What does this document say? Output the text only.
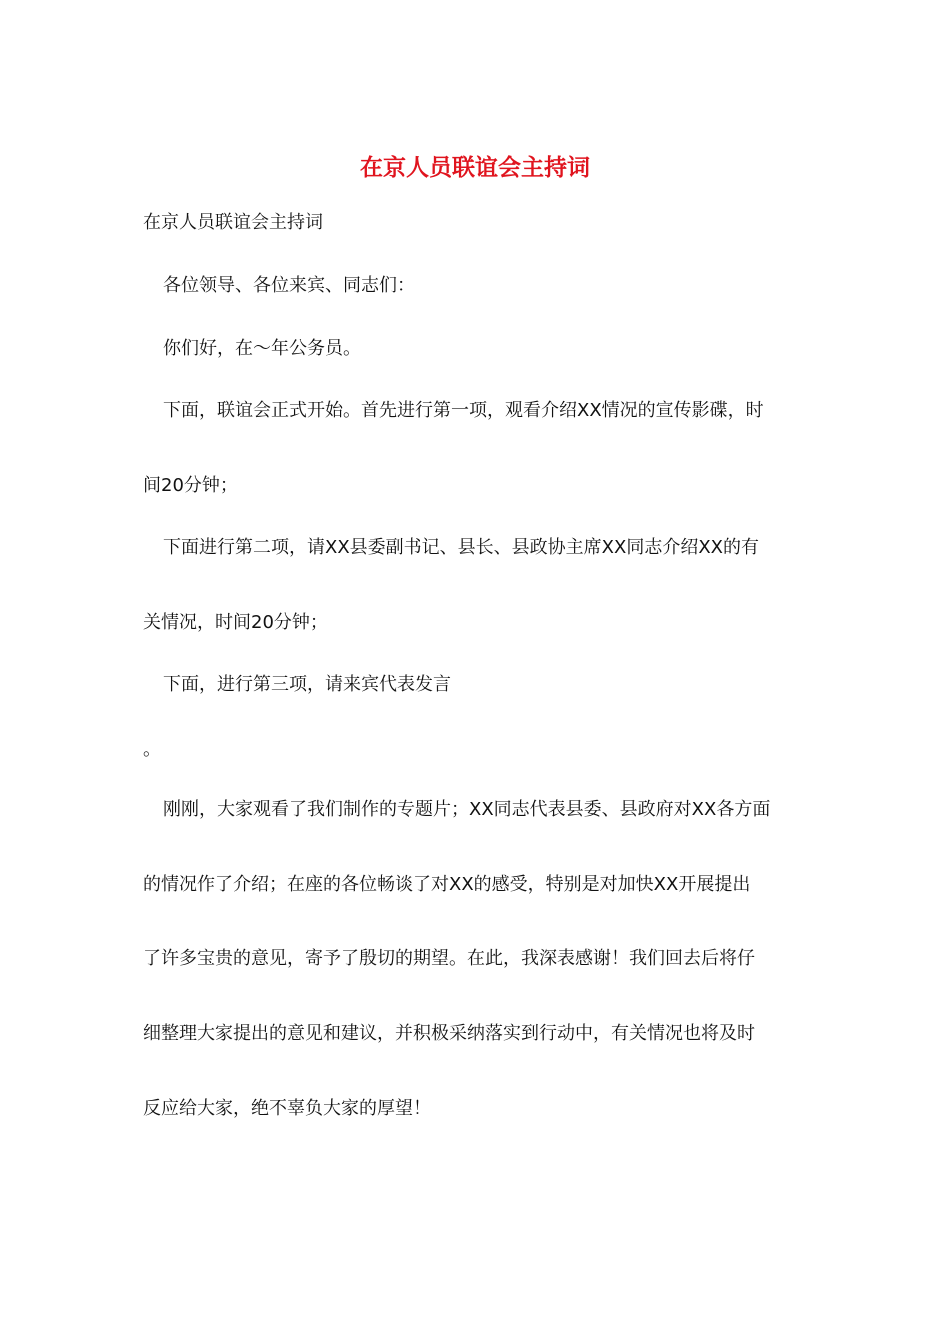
在京人员联谊会主持词

在京人员联谊会主持词

各位领导、各位来宾、同志们：

你们好，在～年公务员。

下面，联谊会正式开始。首先进行第一项，观看介绍XX情况的宣传影碟，时

间20分钟；

下面进行第二项，请XX县委副书记、县长、县政协主席XX同志介绍XX的有

关情况，时间20分钟；

下面，进行第三项，请来宾代表发言

。

刚刚，大家观看了我们制作的专题片；XX同志代表县委、县政府对XX各方面

的情况作了介绍；在座的各位畅谈了对XX的感受，特别是对加快XX开展提出

了许多宝贵的意见，寄予了殷切的期望。在此，我深表感谢！我们回去后将仔

细整理大家提出的意见和建议，并积极采纳落实到行动中，有关情况也将及时

反应给大家，绝不辜负大家的厚望！
